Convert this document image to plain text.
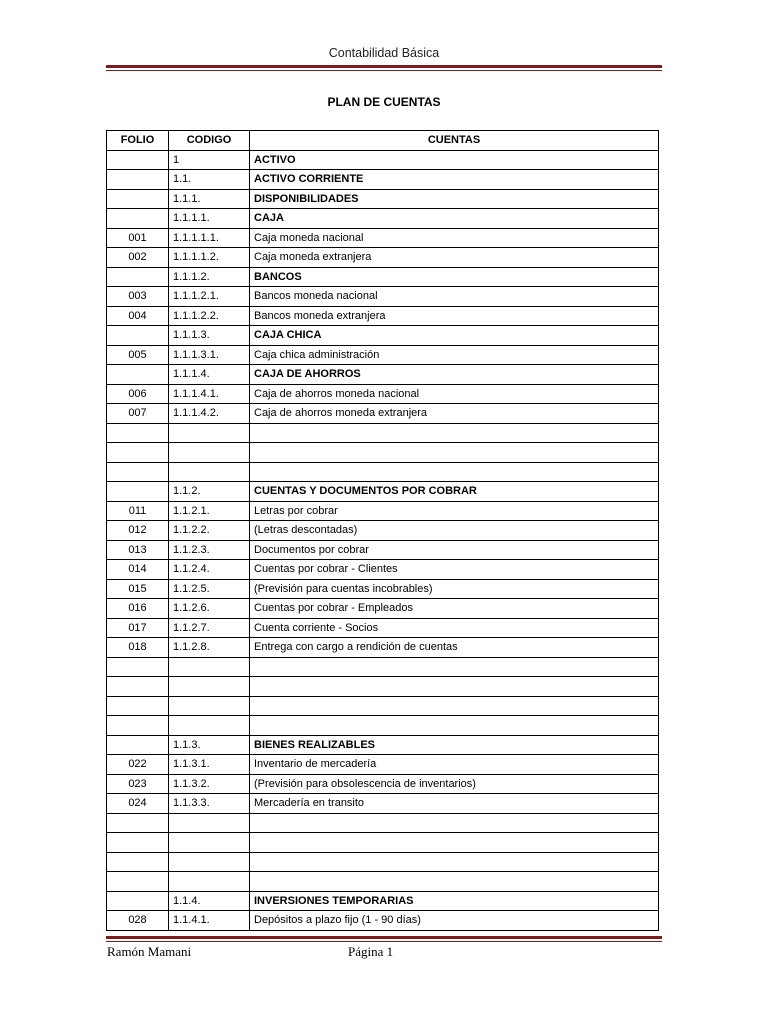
Contabilidad Básica
PLAN DE CUENTAS
FOLIO	CODIGO	CUENTAS
	1	ACTIVO
	1.1.	ACTIVO CORRIENTE
	1.1.1.	DISPONIBILIDADES
	1.1.1.1.	CAJA
001	1.1.1.1.1.	Caja moneda nacional
002	1.1.1.1.2.	Caja moneda extranjera
	1.1.1.2.	BANCOS
003	1.1.1.2.1.	Bancos moneda nacional
004	1.1.1.2.2.	Bancos moneda extranjera
	1.1.1.3.	CAJA CHICA
005	1.1.1.3.1.	Caja chica administración
	1.1.1.4.	CAJA DE AHORROS
006	1.1.1.4.1.	Caja de ahorros moneda nacional
007	1.1.1.4.2.	Caja de ahorros moneda extranjera

	1.1.2.	CUENTAS Y DOCUMENTOS POR COBRAR
011	1.1.2.1.	Letras por cobrar
012	1.1.2.2.	(Letras descontadas)
013	1.1.2.3.	Documentos por cobrar
014	1.1.2.4.	Cuentas por cobrar - Clientes
015	1.1.2.5.	(Previsión para cuentas incobrables)
016	1.1.2.6.	Cuentas por cobrar - Empleados
017	1.1.2.7.	Cuenta corriente - Socios
018	1.1.2.8.	Entrega con cargo a rendición de cuentas

	1.1.3.	BIENES REALIZABLES
022	1.1.3.1.	Inventario de mercadería
023	1.1.3.2.	(Previsión para obsolescencia de inventarios)
024	1.1.3.3.	Mercadería en transito

	1.1.4.	INVERSIONES TEMPORARIAS
028	1.1.4.1.	Depósitos a plazo fijo (1 - 90 días)
Ramón Mamani	Página 1
